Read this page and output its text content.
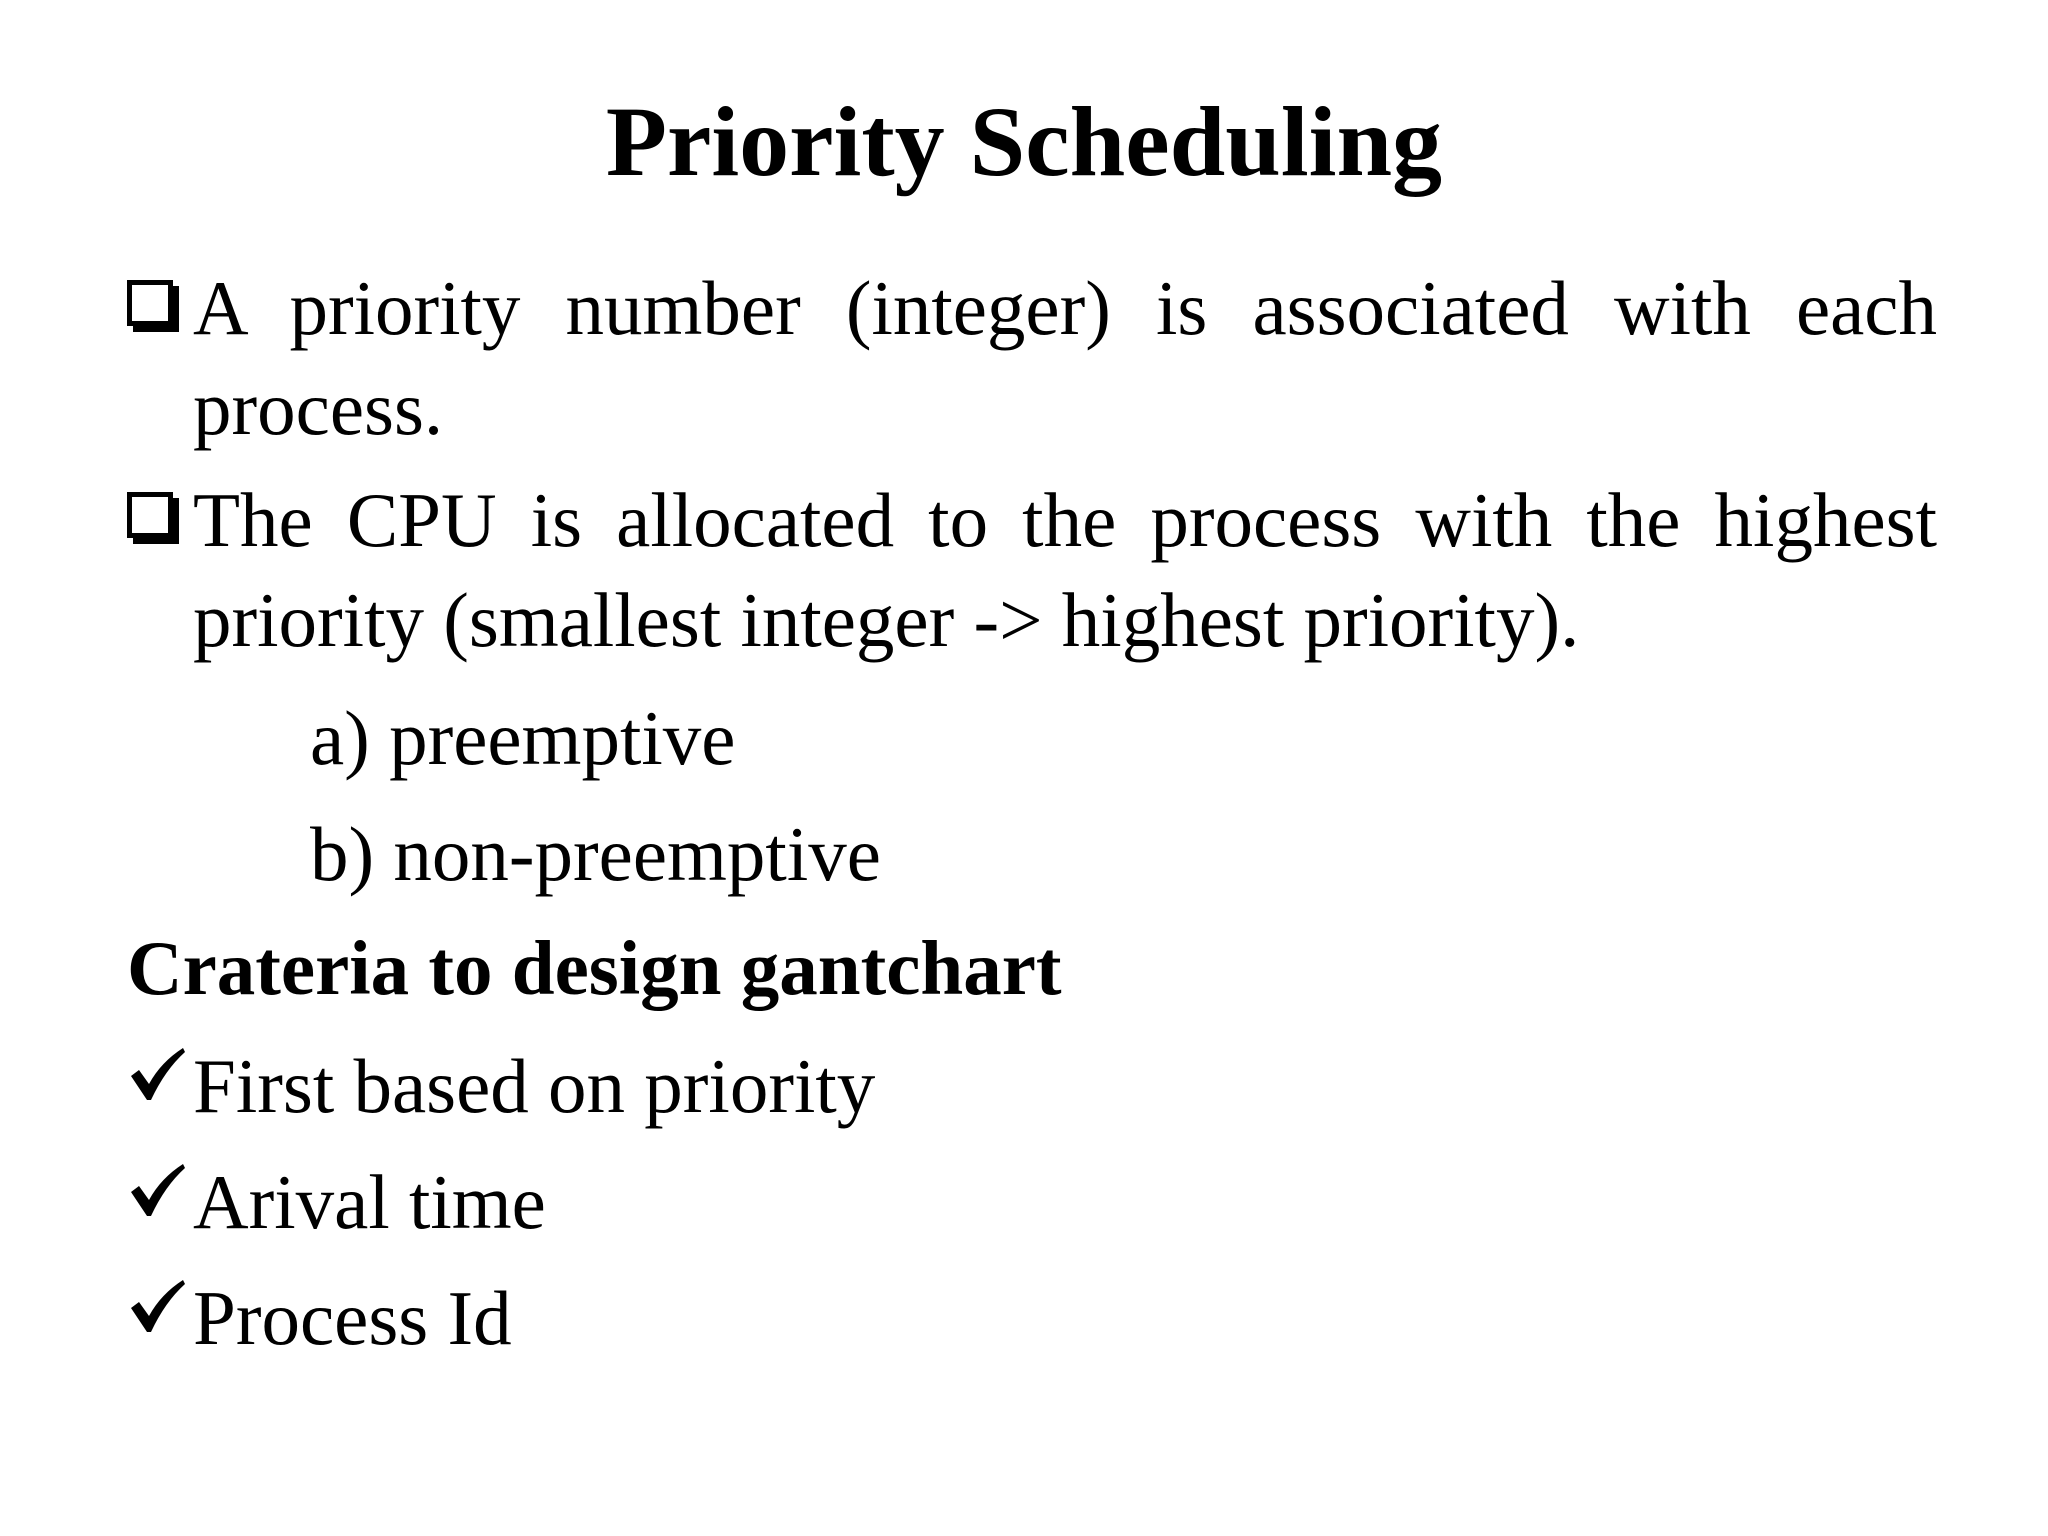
Priority Scheduling
A priority number (integer) is associated with each process.
The CPU is allocated to the process with the highest priority (smallest integer -> highest priority).
a) preemptive
b) non-preemptive
Crateria to design gantchart
First based on priority
Arival time
Process Id
